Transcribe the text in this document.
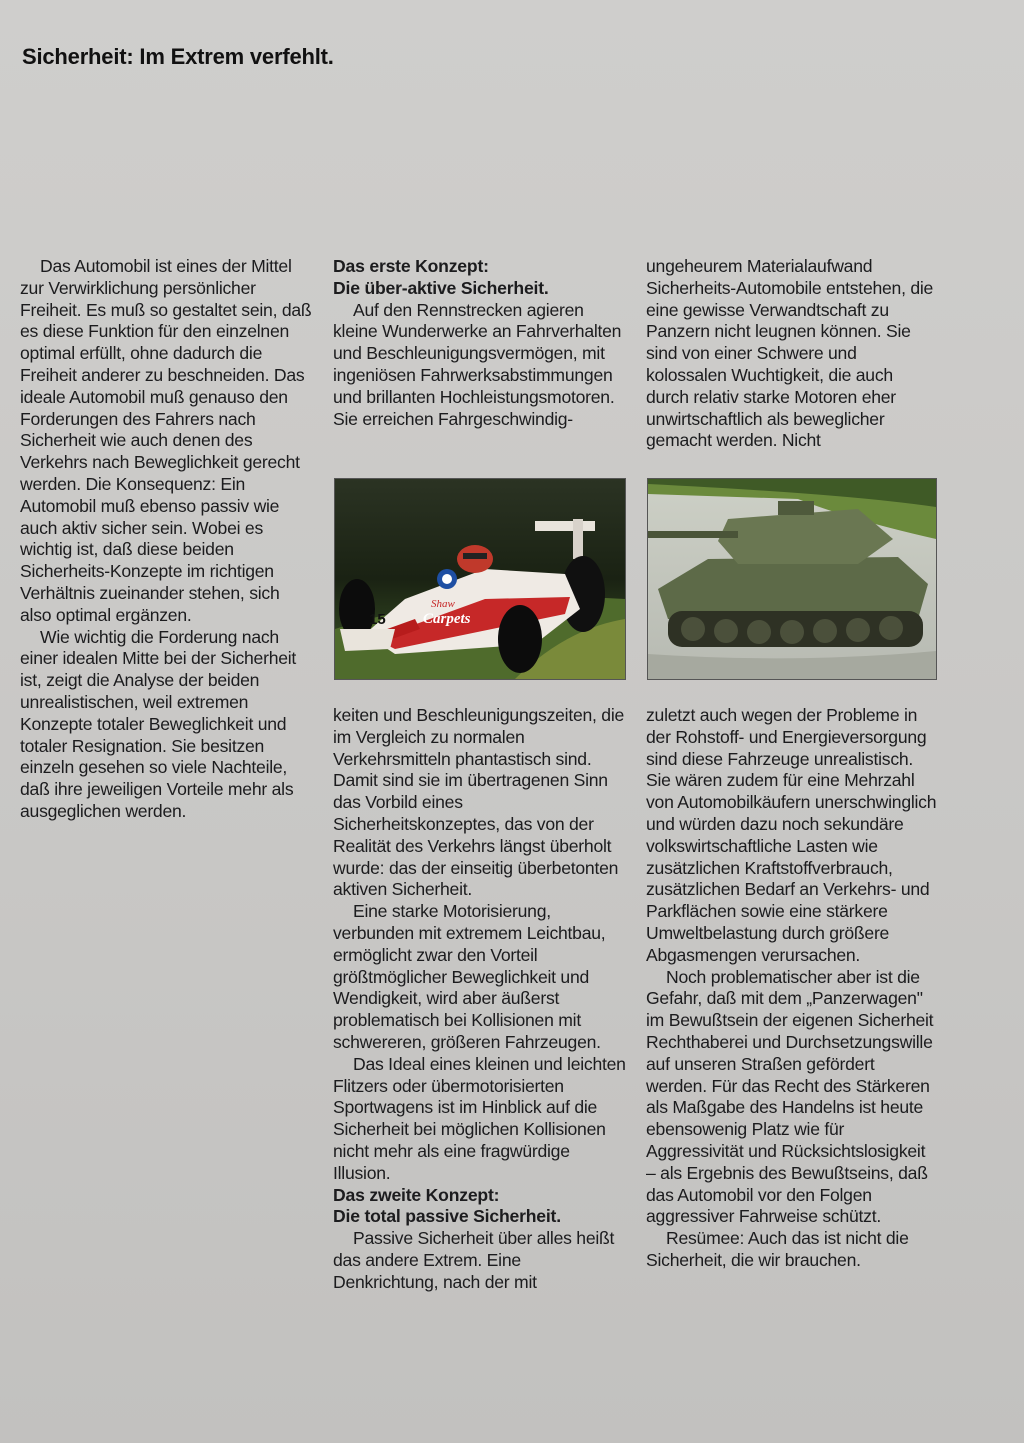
Sicherheit: Im Extrem verfehlt.

Das Automobil ist eines der Mittel zur Verwirklichung persönlicher Freiheit. Es muß so gestaltet sein, daß es diese Funktion für den einzelnen optimal erfüllt, ohne dadurch die Freiheit anderer zu beschneiden. Das ideale Automobil muß genauso den Forderungen des Fahrers nach Sicherheit wie auch denen des Verkehrs nach Beweglichkeit gerecht werden. Die Konsequenz: Ein Automobil muß ebenso passiv wie auch aktiv sicher sein. Wobei es wichtig ist, daß diese beiden Sicherheits-Konzepte im richtigen Verhältnis zueinander stehen, sich also optimal ergänzen.

Wie wichtig die Forderung nach einer idealen Mitte bei der Sicherheit ist, zeigt die Analyse der beiden unrealistischen, weil extremen Konzepte totaler Beweglichkeit und totaler Resignation. Sie besitzen einzeln gesehen so viele Nachteile, daß ihre jeweiligen Vorteile mehr als ausgeglichen werden.

Das erste Konzept:
Die über-aktive Sicherheit.

Auf den Rennstrecken agieren kleine Wunderwerke an Fahrverhalten und Beschleunigungsvermögen, mit ingeniösen Fahrwerksabstimmungen und brillanten Hochleistungsmotoren. Sie erreichen Fahrgeschwindig-

ungeheurem Materialaufwand Sicherheits-Automobile entstehen, die eine gewisse Verwandtschaft zu Panzern nicht leugnen können. Sie sind von einer Schwere und kolossalen Wuchtigkeit, die auch durch relativ starke Motoren eher unwirtschaftlich als beweglicher gemacht werden. Nicht

15
Shaw
Carpets

keiten und Beschleunigungszeiten, die im Vergleich zu normalen Verkehrsmitteln phantastisch sind. Damit sind sie im übertragenen Sinn das Vorbild eines Sicherheitskonzeptes, das von der Realität des Verkehrs längst überholt wurde: das der einseitig überbetonten aktiven Sicherheit.

Eine starke Motorisierung, verbunden mit extremem Leichtbau, ermöglicht zwar den Vorteil größtmöglicher Beweglichkeit und Wendigkeit, wird aber äußerst problematisch bei Kollisionen mit schwereren, größeren Fahrzeugen.

Das Ideal eines kleinen und leichten Flitzers oder übermotorisierten Sportwagens ist im Hinblick auf die Sicherheit bei möglichen Kollisionen nicht mehr als eine fragwürdige Illusion.

Das zweite Konzept:
Die total passive Sicherheit.

Passive Sicherheit über alles heißt das andere Extrem. Eine Denkrichtung, nach der mit

zuletzt auch wegen der Probleme in der Rohstoff- und Energieversorgung sind diese Fahrzeuge unrealistisch. Sie wären zudem für eine Mehrzahl von Automobilkäufern unerschwinglich und würden dazu noch sekundäre volkswirtschaftliche Lasten wie zusätzlichen Kraftstoffverbrauch, zusätzlichen Bedarf an Verkehrs- und Parkflächen sowie eine stärkere Umweltbelastung durch größere Abgasmengen verursachen.

Noch problematischer aber ist die Gefahr, daß mit dem „Panzerwagen" im Bewußtsein der eigenen Sicherheit Rechthaberei und Durchsetzungswille auf unseren Straßen gefördert werden. Für das Recht des Stärkeren als Maßgabe des Handelns ist heute ebensowenig Platz wie für Aggressivität und Rücksichtslosigkeit – als Ergebnis des Bewußtseins, daß das Automobil vor den Folgen aggressiver Fahrweise schützt.

Resümee: Auch das ist nicht die Sicherheit, die wir brauchen.
